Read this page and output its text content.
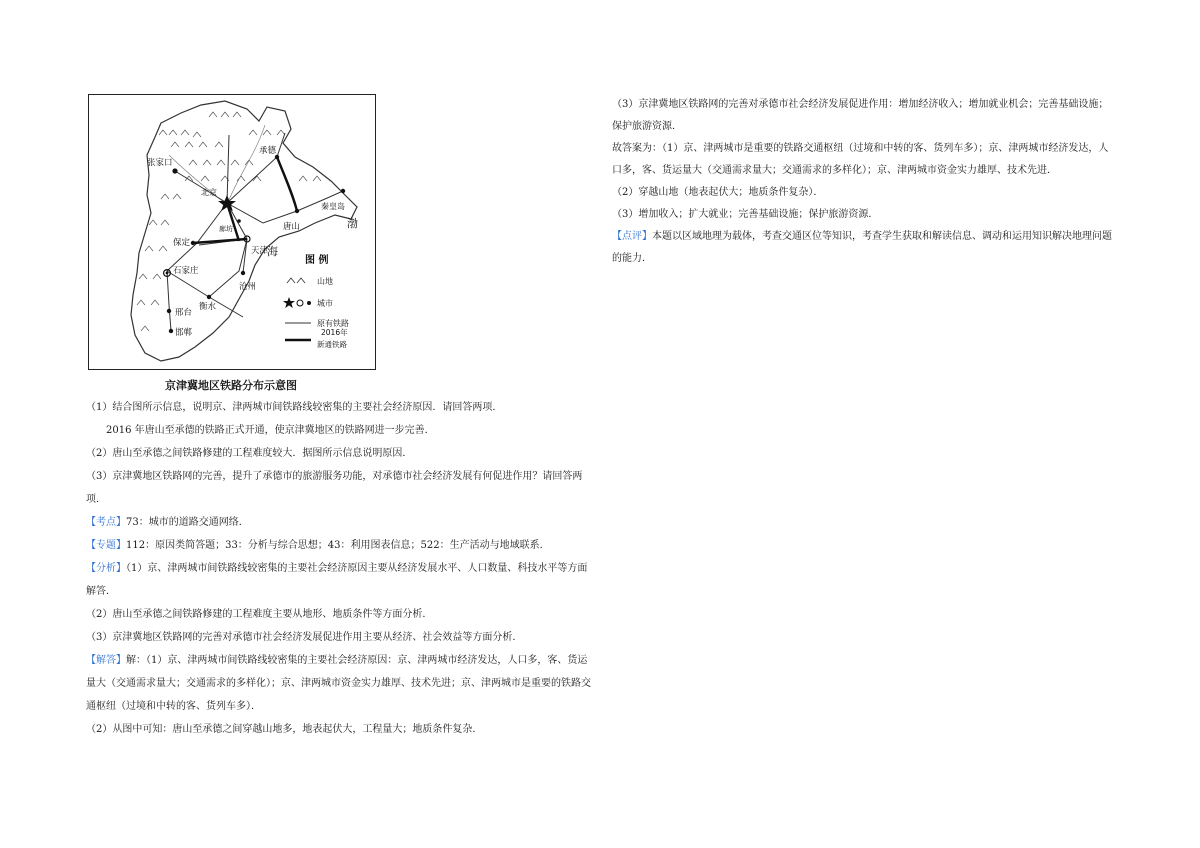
张家口
承德
秦皇岛
唐山
北京
廊坊
天津
保定
沧州
石家庄
衡水
邢台
邯郸
渤
海
图 例
山地
城市
原有铁路
2016年
新通铁路
京津冀地区铁路分布示意图

（1）结合图所示信息，说明京、津两城市间铁路线较密集的主要社会经济原因．请回答两项．

2016 年唐山至承德的铁路正式开通，使京津冀地区的铁路网进一步完善．

（2）唐山至承德之间铁路修建的工程难度较大．据图所示信息说明原因．

（3）京津冀地区铁路网的完善，提升了承德市的旅游服务功能，对承德市社会经济发展有何促进作用？请回答两项．

【考点】73：城市的道路交通网络．

【专题】112：原因类简答题；33：分析与综合思想；43：利用图表信息；522：生产活动与地域联系．

【分析】（1）京、津两城市间铁路线较密集的主要社会经济原因主要从经济发展水平、人口数量、科技水平等方面解答．

（2）唐山至承德之间铁路修建的工程难度主要从地形、地质条件等方面分析．

（3）京津冀地区铁路网的完善对承德市社会经济发展促进作用主要从经济、社会效益等方面分析．

【解答】解：（1）京、津两城市间铁路线较密集的主要社会经济原因：京、津两城市经济发达，人口多，客、货运量大（交通需求量大；交通需求的多样化）；京、津两城市资金实力雄厚、技术先进；京、津两城市是重要的铁路交通枢纽（过境和中转的客、货列车多）．

（2）从图中可知：唐山至承德之间穿越山地多，地表起伏大，工程量大；地质条件复杂．

（3）京津冀地区铁路网的完善对承德市社会经济发展促进作用：增加经济收入；增加就业机会；完善基础设施；保护旅游资源．

故答案为：（1）京、津两城市是重要的铁路交通枢纽（过境和中转的客、货列车多）；京、津两城市经济发达，人口多，客、货运量大（交通需求量大；交通需求的多样化）；京、津两城市资金实力雄厚、技术先进．

（2）穿越山地（地表起伏大；地质条件复杂）．

（3）增加收入；扩大就业；完善基础设施；保护旅游资源．

【点评】本题以区域地理为载体，考查交通区位等知识，考查学生获取和解读信息、调动和运用知识解决地理问题的能力．
